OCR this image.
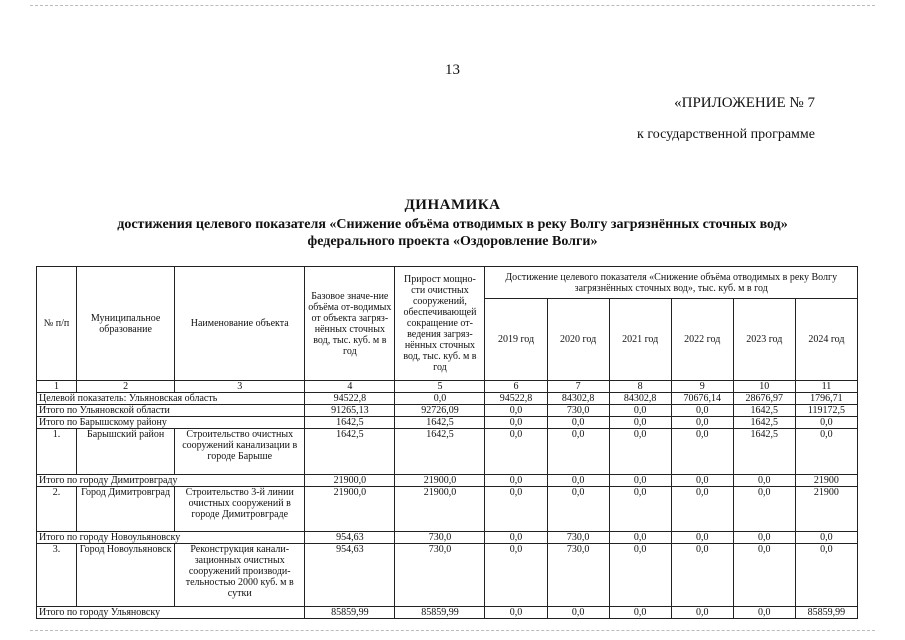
13
«ПРИЛОЖЕНИЕ № 7
к государственной программе
ДИНАМИКА
достижения целевого показателя «Снижение объёма отводимых в реку Волгу загрязнённых сточных вод»
федерального проекта «Оздоровление Волги»
№ п/п	Муниципальное образование	Наименование объекта	Базовое значе-ние объёма от-водимых от объекта загряз-нённых сточных вод, тыс. куб. м в год	Прирост мощно-сти очистных сооружений, обеспечивающей сокращение от-ведения загряз-нённых сточных вод, тыс. куб. м в год	Достижение целевого показателя «Снижение объёма отводимых в реку Волгу загрязнённых сточных вод», тыс. куб. м в год					
					2019 год	2020 год	2021 год	2022 год	2023 год	2024 год
1	2	3	4	5	6	7	8	9	10	11
Целевой показатель: Ульяновская область			94522,8	0,0	94522,8	84302,8	84302,8	70676,14	28676,97	1796,71
Итого по Ульяновской области			91265,13	92726,09	0,0	730,0	0,0	0,0	1642,5	119172,5
Итого по Барышскому району			1642,5	1642,5	0,0	0,0	0,0	0,0	1642,5	0,0
1.	Барышский район	Строительство очистных сооружений канализации в городе Барыше	1642,5	1642,5	0,0	0,0	0,0	0,0	1642,5	0,0
Итого по городу Димитровграду			21900,0	21900,0	0,0	0,0	0,0	0,0	0,0	21900
2.	Город Димитровград	Строительство 3-й линии очистных сооружений в городе Димитровграде	21900,0	21900,0	0,0	0,0	0,0	0,0	0,0	21900
Итого по городу Новоульяновску			954,63	730,0	0,0	730,0	0,0	0,0	0,0	0,0
3.	Город Новоульяновск	Реконструкция канали-зационных очистных сооружений производи-тельностью 2000 куб. м в сутки	954,63	730,0	0,0	730,0	0,0	0,0	0,0	0,0
Итого по городу Ульяновску			85859,99	85859,99	0,0	0,0	0,0	0,0	0,0	85859,99
